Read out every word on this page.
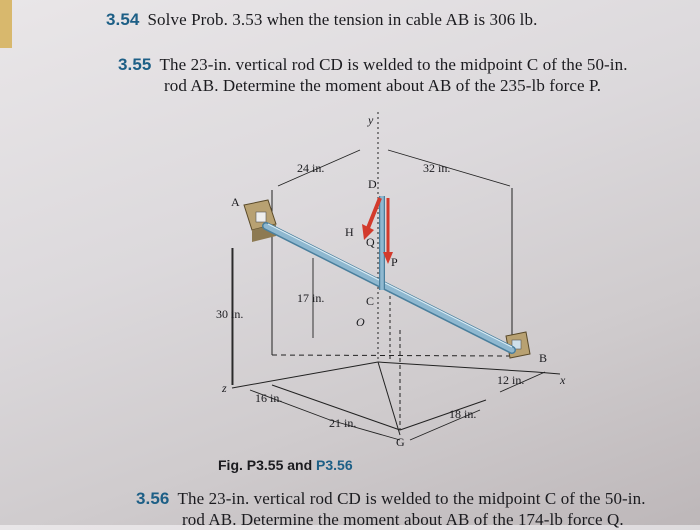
3.54 Solve Prob. 3.53 when the tension in cable AB is 306 lb.
3.55 The 23-in. vertical rod CD is welded to the midpoint C of the 50-in.
rod AB. Determine the moment about AB of the 235-lb force P.
y
x
z
A
B
C
D
O
G
H
P
Q
24 in.	32 in.
17 in.
30 in.
16 in.
21 in.
18 in.
12 in.
Fig. P3.55 and P3.56
3.56 The 23-in. vertical rod CD is welded to the midpoint C of the 50-in.
rod AB. Determine the moment about AB of the 174-lb force Q.
